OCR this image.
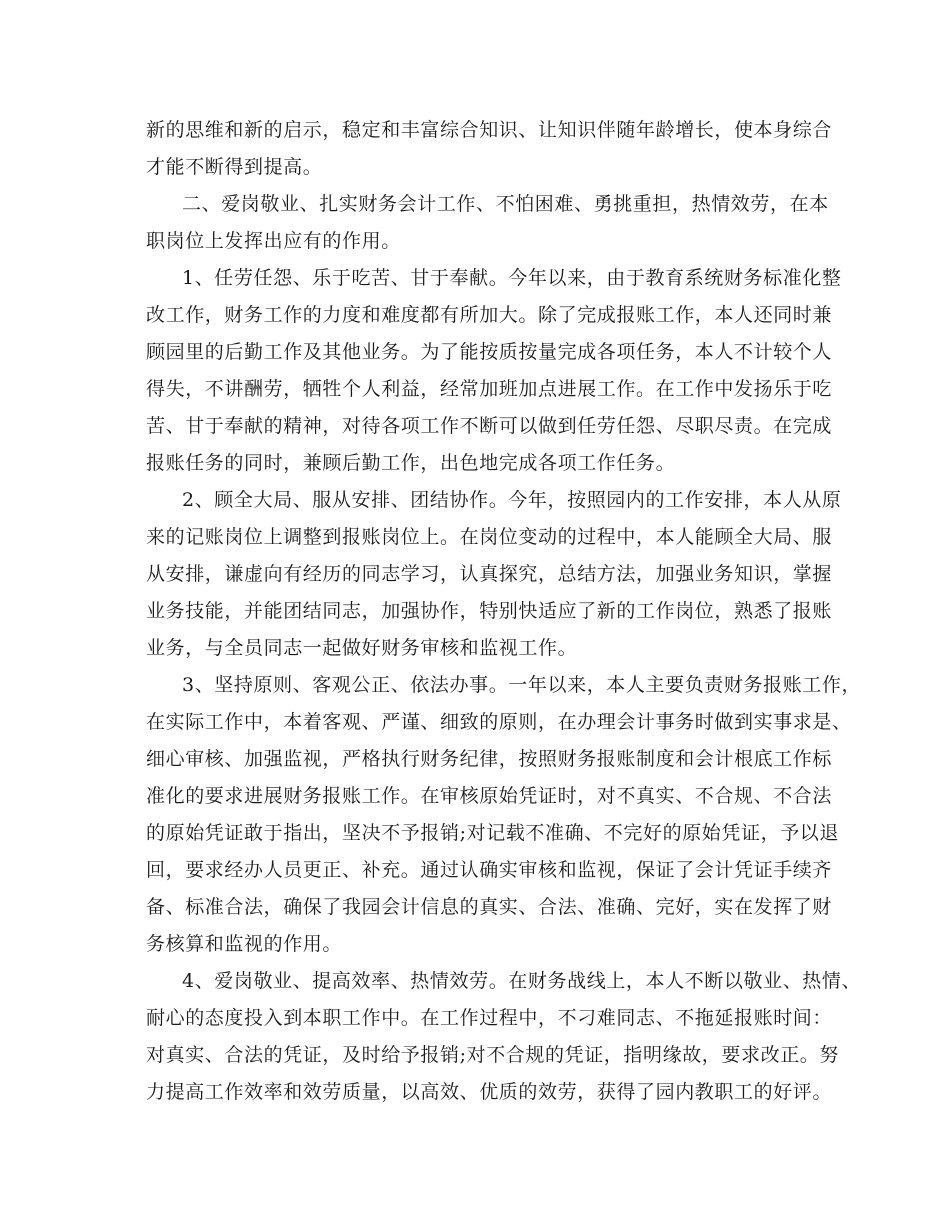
新的思维和新的启示，稳定和丰富综合知识、让知识伴随年龄增长，使本身综合
才能不断得到提高。
二、爱岗敬业、扎实财务会计工作、不怕困难、勇挑重担，热情效劳，在本
职岗位上发挥出应有的作用。
1、任劳任怨、乐于吃苦、甘于奉献。今年以来，由于教育系统财务标准化整
改工作，财务工作的力度和难度都有所加大。除了完成报账工作，本人还同时兼
顾园里的后勤工作及其他业务。为了能按质按量完成各项任务，本人不计较个人
得失，不讲酬劳，牺牲个人利益，经常加班加点进展工作。在工作中发扬乐于吃
苦、甘于奉献的精神，对待各项工作不断可以做到任劳任怨、尽职尽责。在完成
报账任务的同时，兼顾后勤工作，出色地完成各项工作任务。
2、顾全大局、服从安排、团结协作。今年，按照园内的工作安排，本人从原
来的记账岗位上调整到报账岗位上。在岗位变动的过程中，本人能顾全大局、服
从安排，谦虚向有经历的同志学习，认真探究，总结方法，加强业务知识，掌握
业务技能，并能团结同志，加强协作，特别快适应了新的工作岗位，熟悉了报账
业务，与全员同志一起做好财务审核和监视工作。
3、坚持原则、客观公正、依法办事。一年以来，本人主要负责财务报账工作，
在实际工作中，本着客观、严谨、细致的原则，在办理会计事务时做到实事求是、
细心审核、加强监视，严格执行财务纪律，按照财务报账制度和会计根底工作标
准化的要求进展财务报账工作。在审核原始凭证时，对不真实、不合规、不合法
的原始凭证敢于指出，坚决不予报销;对记载不准确、不完好的原始凭证，予以退
回，要求经办人员更正、补充。通过认确实审核和监视，保证了会计凭证手续齐
备、标准合法，确保了我园会计信息的真实、合法、准确、完好，实在发挥了财
务核算和监视的作用。
4、爱岗敬业、提高效率、热情效劳。在财务战线上，本人不断以敬业、热情、
耐心的态度投入到本职工作中。在工作过程中，不刁难同志、不拖延报账时间：
对真实、合法的凭证，及时给予报销;对不合规的凭证，指明缘故，要求改正。努
力提高工作效率和效劳质量，以高效、优质的效劳，获得了园内教职工的好评。
